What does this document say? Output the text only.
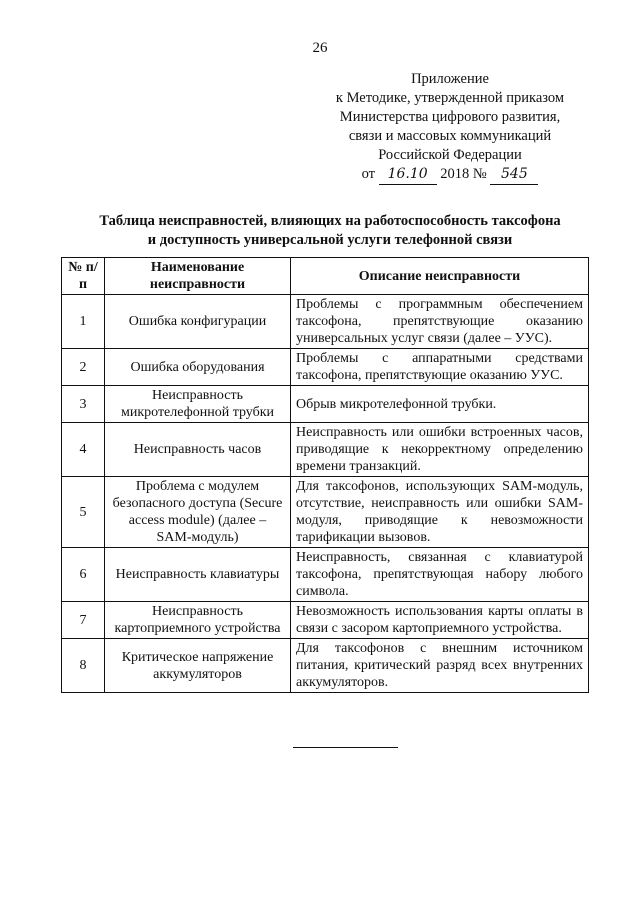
26
Приложение
к Методике, утвержденной приказом
Министерства цифрового развития,
связи и массовых коммуникаций
Российской Федерации
от 16.10 2018 № 545
Таблица неисправностей, влияющих на работоспособность таксофона
и доступность универсальной услуги телефонной связи
№ п/п	Наименование неисправности	Описание неисправности
1	Ошибка конфигурации	Проблемы с программным обеспечением таксофона, препятствующие оказанию универсальных услуг связи (далее – УУС).
2	Ошибка оборудования	Проблемы с аппаратными средствами таксофона, препятствующие оказанию УУС.
3	Неисправность микротелефонной трубки	Обрыв микротелефонной трубки.
4	Неисправность часов	Неисправность или ошибки встроенных часов, приводящие к некорректному определению времени транзакций.
5	Проблема с модулем безопасного доступа (Secure access module) (далее – SAM-модуль)	Для таксофонов, использующих SAM-модуль, отсутствие, неисправность или ошибки SAM-модуля, приводящие к невозможности тарификации вызовов.
6	Неисправность клавиатуры	Неисправность, связанная с клавиатурой таксофона, препятствующая набору любого символа.
7	Неисправность картоприемного устройства	Невозможность использования карты оплаты в связи с засором картоприемного устройства.
8	Критическое напряжение аккумуляторов	Для таксофонов с внешним источником питания, критический разряд всех внутренних аккумуляторов.
